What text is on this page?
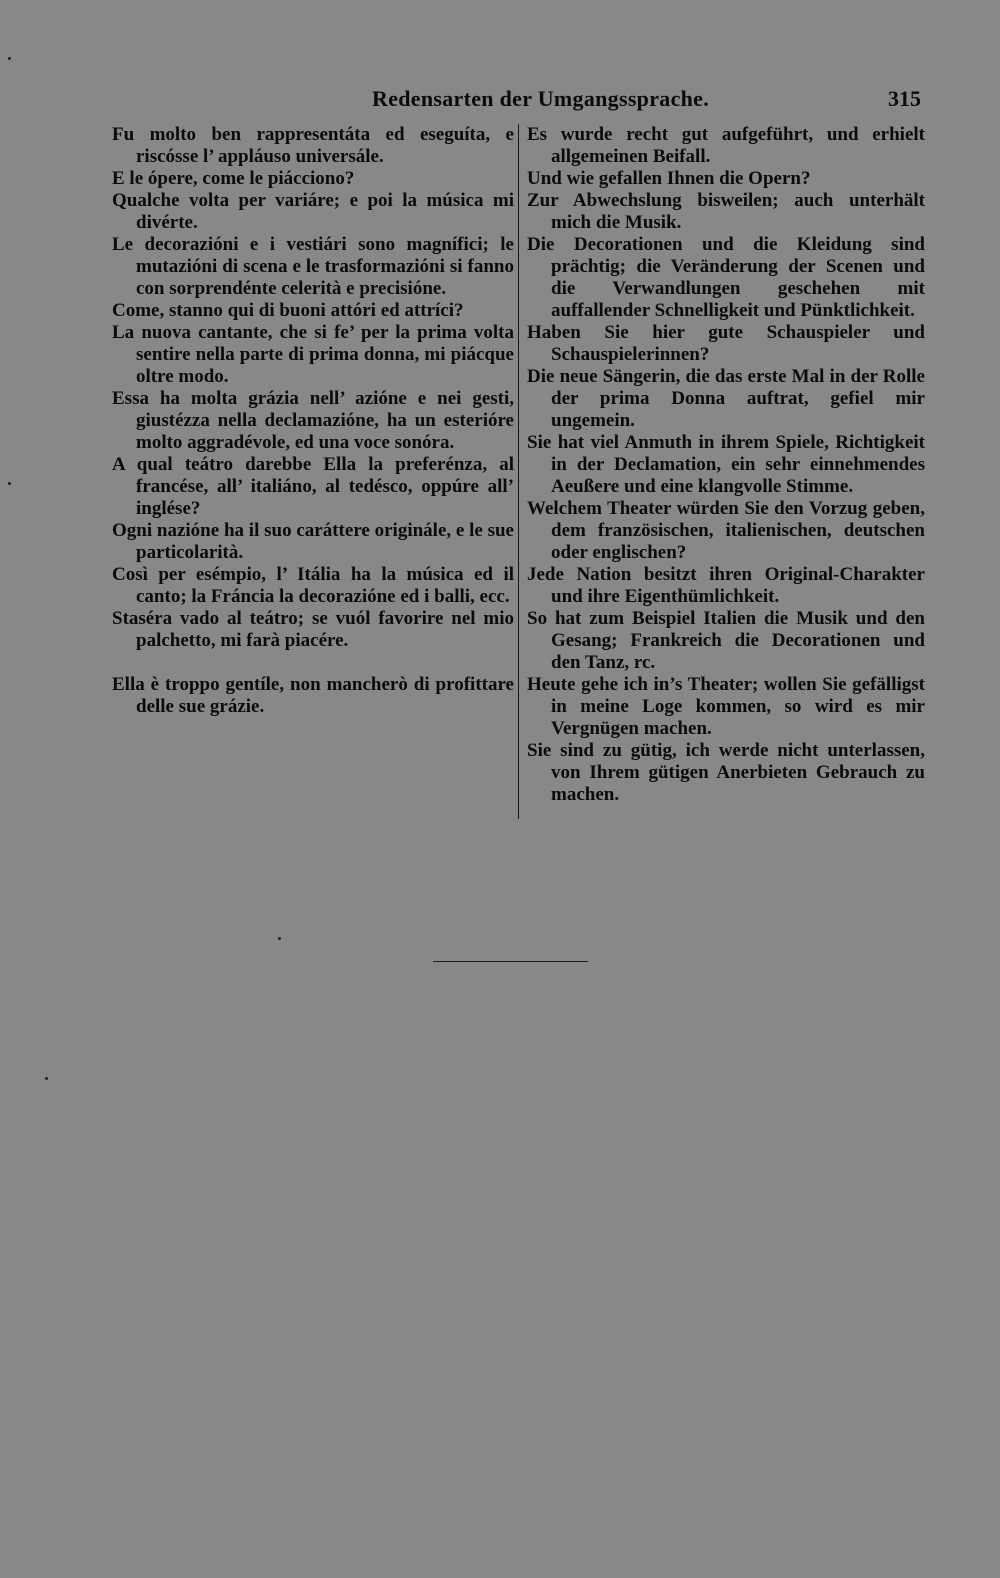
Redensarten der Umgangssprache.	315
Fu molto ben rappresentáta ed eseguíta, e riscósse l’ appláuso universále.
E le ópere, come le piácciono?
Qualche volta per variáre; e poi la música mi divérte.
Le decorazióni e i vestiári sono magnífici; le mutazióni di scena e le trasformazióni si fanno con sorprendénte celerità e precisióne.
Come, stanno qui di buoni attóri ed attríci?
La nuova cantante, che si fe’ per la prima volta sentire nella parte di prima donna, mi piácque oltre modo.
Essa ha molta grázia nell’ azióne e nei gesti, giustézza nella declamazióne, ha un esterióre molto aggradévole, ed una voce sonóra.
A qual teátro darebbe Ella la preferénza, al francése, all’ italiáno, al tedésco, oppúre all’ inglése?
Ogni nazióne ha il suo caráttere originále, e le sue particolarità.
Così per esémpio, l’ Itália ha la música ed il canto; la Fráncia la decorazióne ed i balli, ecc.
Staséra vado al teátro; se vuól favorire nel mio palchetto, mi farà piacére.
Ella è troppo gentíle, non mancherò di profittare delle sue grázie.
Es wurde recht gut aufgeführt, und erhielt allgemeinen Beifall.
Und wie gefallen Ihnen die Opern?
Zur Abwechslung bisweilen; auch unterhält mich die Musik.
Die Decorationen und die Kleidung sind prächtig; die Veränderung der Scenen und die Verwandlungen geschehen mit auffallender Schnelligkeit und Pünktlichkeit.
Haben Sie hier gute Schauspieler und Schauspielerinnen?
Die neue Sängerin, die das erste Mal in der Rolle der prima Donna auftrat, gefiel mir ungemein.
Sie hat viel Anmuth in ihrem Spiele, Richtigkeit in der Declamation, ein sehr einnehmendes Aeußere und eine klangvolle Stimme.
Welchem Theater würden Sie den Vorzug geben, dem französischen, italienischen, deutschen oder englischen?
Jede Nation besitzt ihren Original-Charakter und ihre Eigenthümlichkeit.
So hat zum Beispiel Italien die Musik und den Gesang; Frankreich die Decorationen und den Tanz, rc.
Heute gehe ich in’s Theater; wollen Sie gefälligst in meine Loge kommen, so wird es mir Vergnügen machen.
Sie sind zu gütig, ich werde nicht unterlassen, von Ihrem gütigen Anerbieten Gebrauch zu machen.
